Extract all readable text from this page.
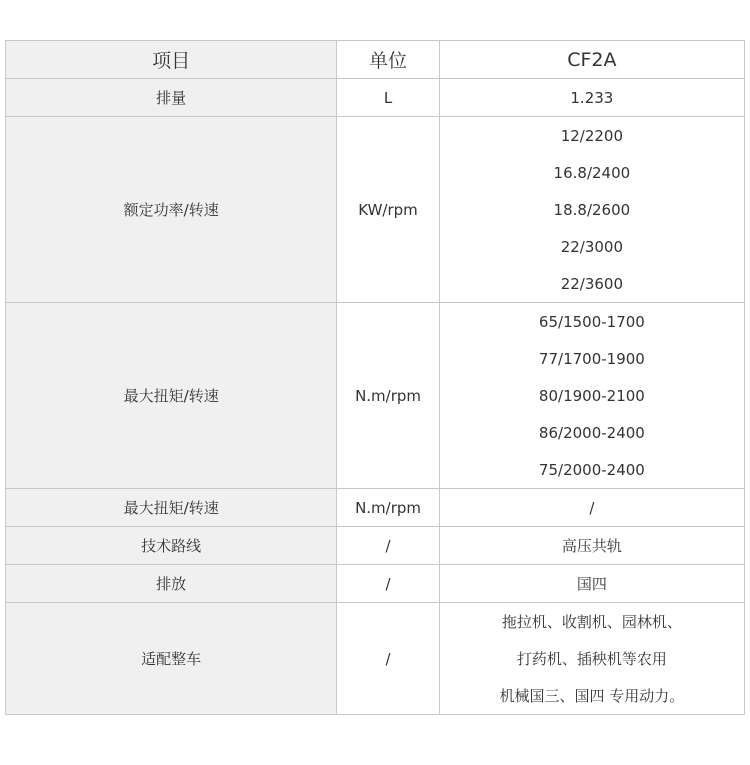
项目	单位	CF2A
排量	L	1.233
额定功率/转速	KW/rpm	12/2200
		16.8/2400
		18.8/2600
		22/3000
		22/3600
最大扭矩/转速	N.m/rpm	65/1500-1700
		77/1700-1900
		80/1900-2100
		86/2000-2400
		75/2000-2400
最大扭矩/转速	N.m/rpm	/
技术路线	/	高压共轨
排放	/	国四
适配整车	/	拖拉机、收割机、园林机、
		打药机、插秧机等农用
		机械国三、国四 专用动力。
